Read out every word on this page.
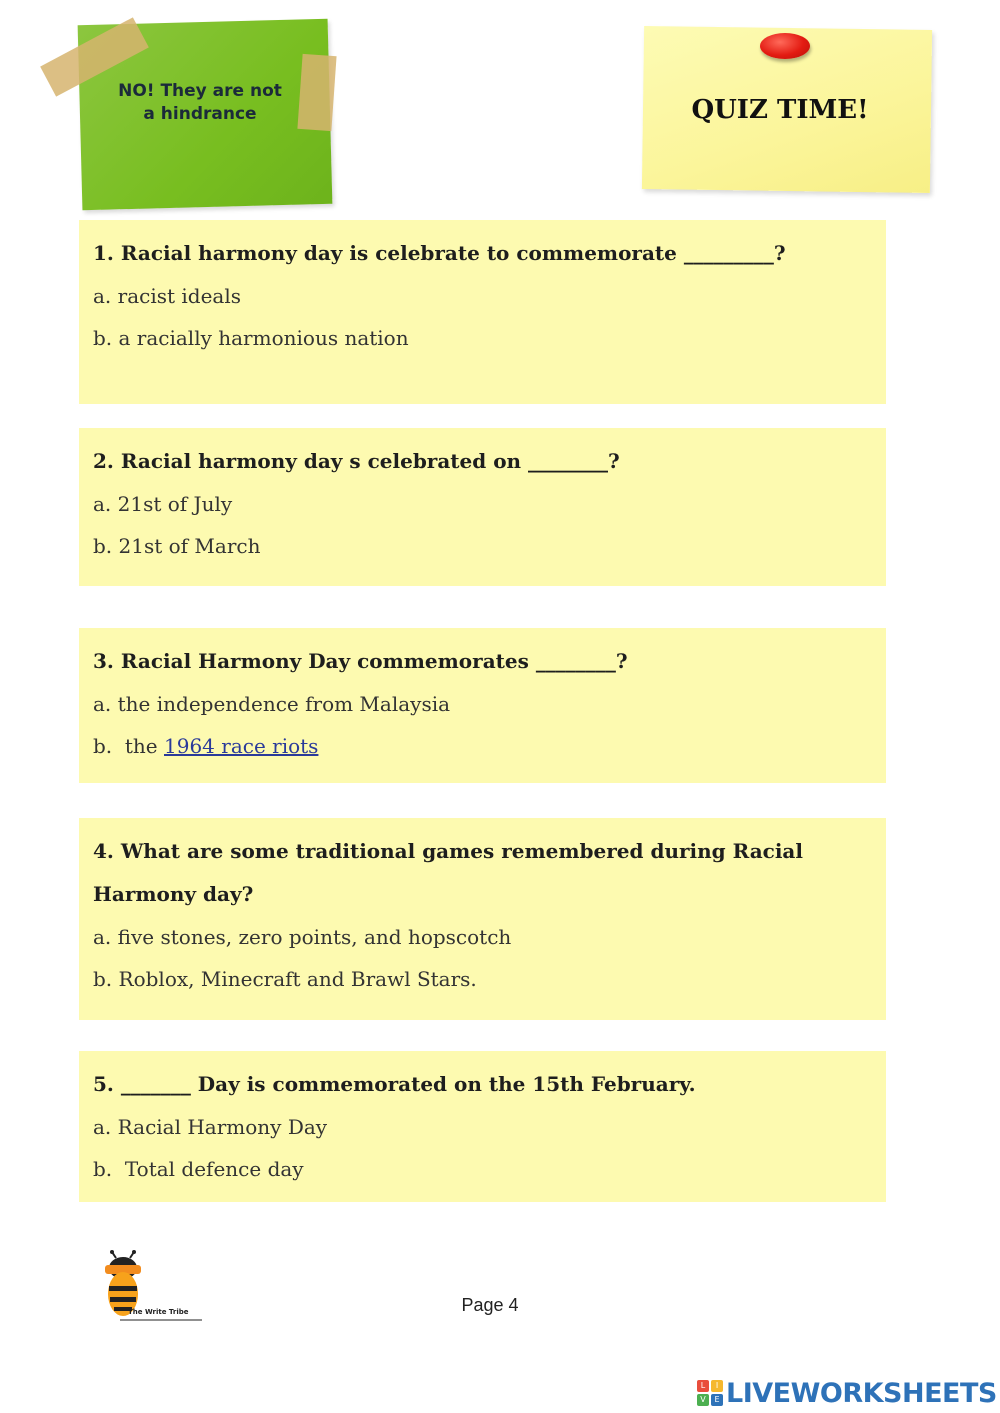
NO! They are not a hindrance	QUIZ TIME!
1. Racial harmony day is celebrate to commemorate _________?
a. racist ideals
b. a racially harmonious nation
2. Racial harmony day s celebrated on ________?
a. 21st of July
b. 21st of March
3. Racial Harmony Day commemorates ________?
a. the independence from Malaysia
b.  the 1964 race riots
4. What are some traditional games remembered during Racial
Harmony day?
a. five stones, zero points, and hopscotch
b. Roblox, Minecraft and Brawl Stars.
5. _______ Day is commemorated on the 15th February.
a. Racial Harmony Day
b.  Total defence day
The Write Tribe	Page 4
L	I
V	E LIVEWORKSHEETS
